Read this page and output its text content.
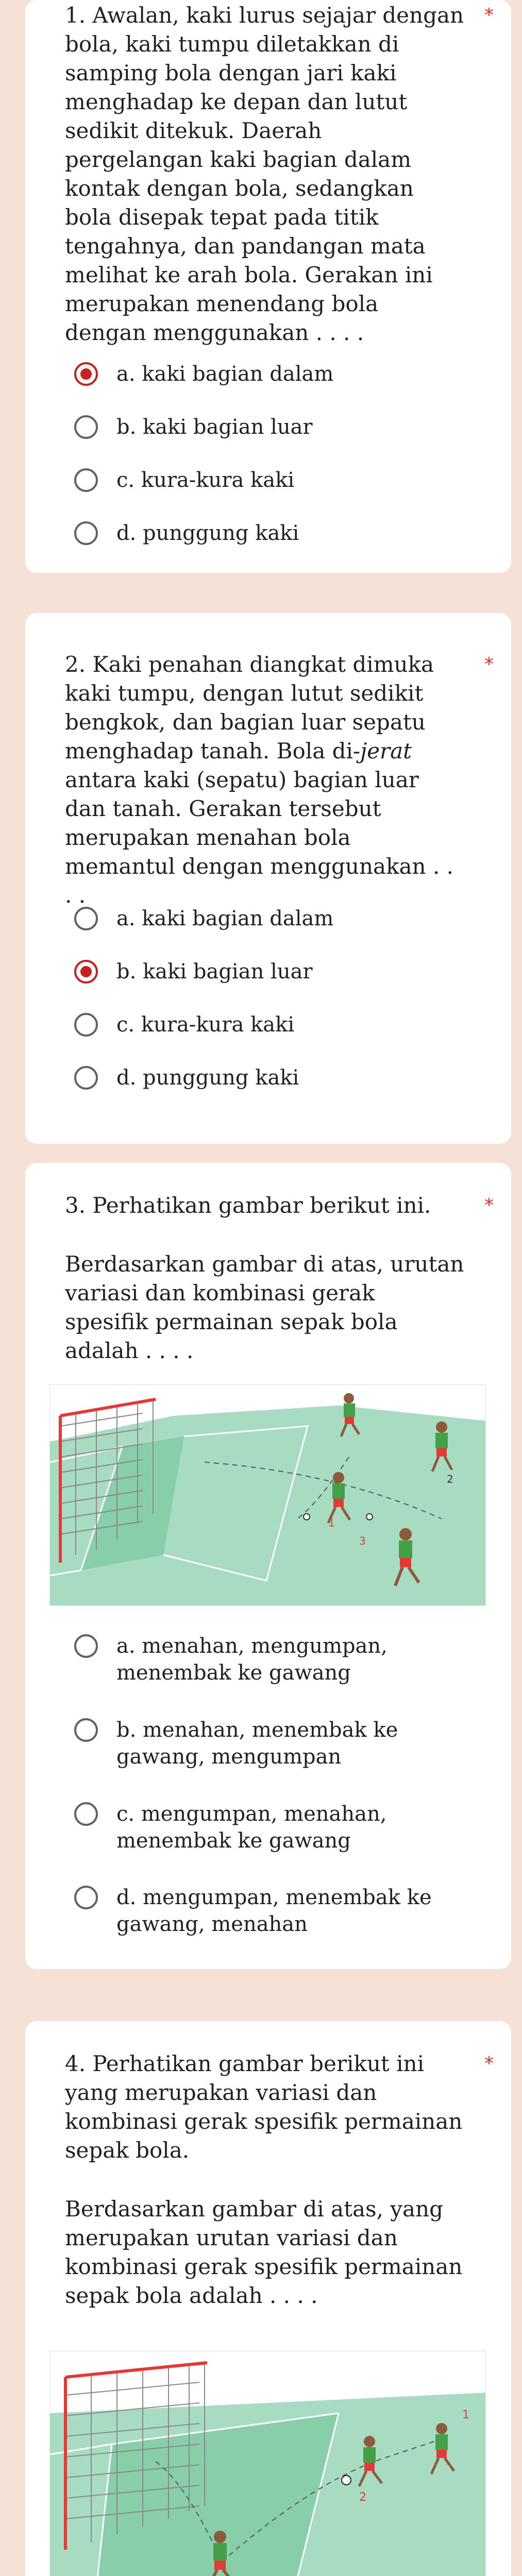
1. Awalan, kaki lurus sejajar dengan bola, kaki tumpu diletakkan di samping bola dengan jari kaki menghadap ke depan dan lutut sedikit ditekuk. Daerah pergelangan kaki bagian dalam kontak dengan bola, sedangkan bola disepak tepat pada titik tengahnya, dan pandangan mata melihat ke arah bola. Gerakan ini merupakan menendang bola dengan menggunakan . . . .

*
a. kaki bagian dalam
b. kaki bagian luar
c. kura-kura kaki
d. punggung kaki

2. Kaki penahan diangkat dimuka kaki tumpu, dengan lutut sedikit bengkok, dan bagian luar sepatu menghadap tanah. Bola di-jerat antara kaki (sepatu) bagian luar dan tanah. Gerakan tersebut merupakan menahan bola memantul dengan menggunakan . . . .

*
a. kaki bagian dalam
b. kaki bagian luar
c. kura-kura kaki
d. punggung kaki

3. Perhatikan gambar berikut ini.	*

Berdasarkan gambar di atas, urutan variasi dan kombinasi gerak spesifik permainan sepak bola adalah . . . .

1
2
3
a. menahan, mengumpan, menembak ke gawang
b. menahan, menembak ke gawang, mengumpan
c. mengumpan, menahan, menembak ke gawang
d. mengumpan, menembak ke gawang, menahan

4. Perhatikan gambar berikut ini yang merupakan variasi dan kombinasi gerak spesifik permainan sepak bola.

*

Berdasarkan gambar di atas, yang merupakan urutan variasi dan kombinasi gerak spesifik permainan sepak bola adalah . . . .

1
2
